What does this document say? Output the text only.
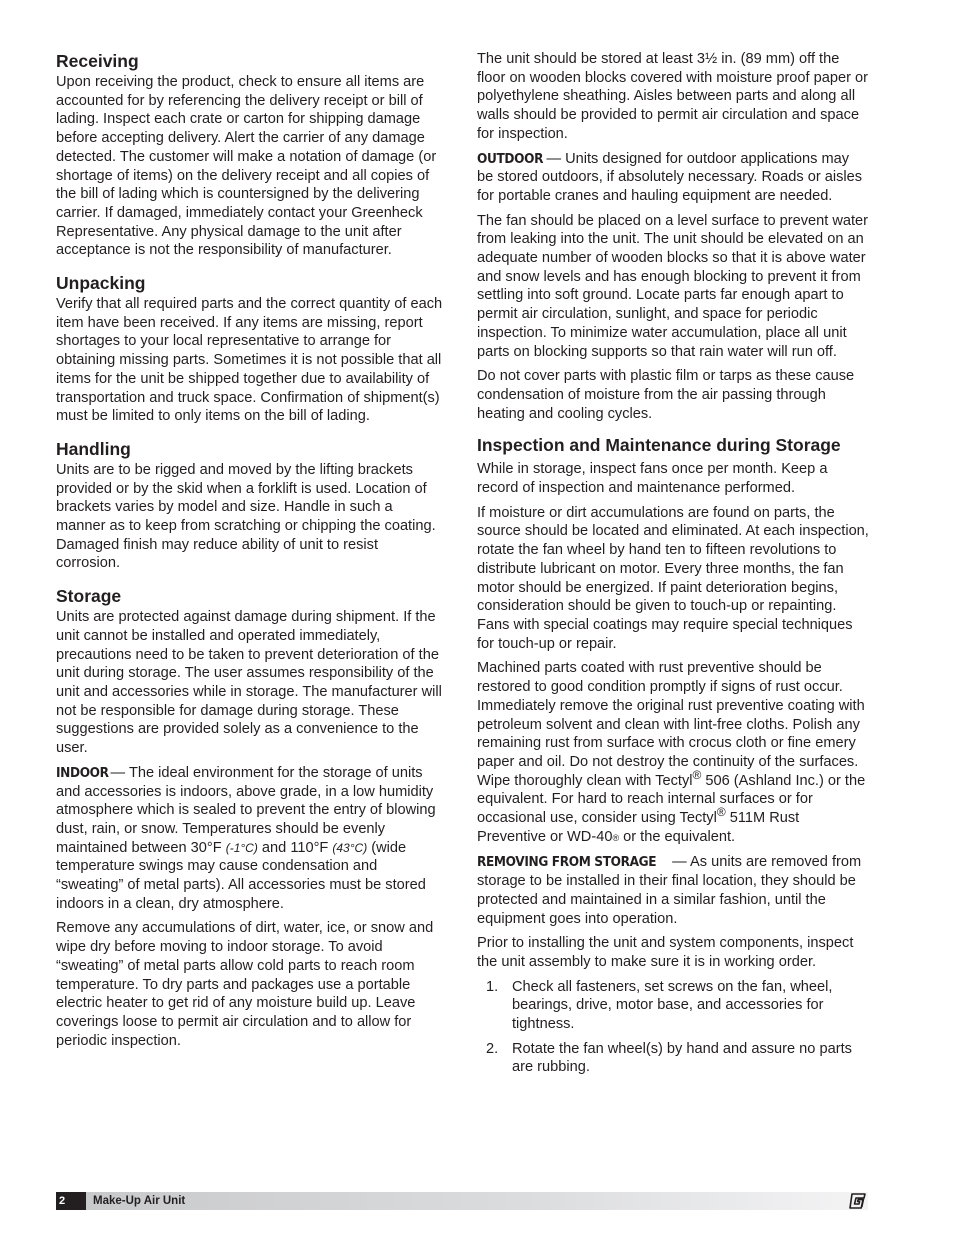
Receiving

Upon receiving the product, check to ensure all items are accounted for by referencing the delivery receipt or bill of lading. Inspect each crate or carton for shipping damage before accepting delivery. Alert the carrier of any damage detected. The customer will make a notation of damage (or shortage of items) on the delivery receipt and all copies of the bill of lading which is countersigned by the delivering carrier. If damaged, immediately contact your Greenheck Representative. Any physical damage to the unit after acceptance is not the responsibility of manufacturer.

Unpacking

Verify that all required parts and the correct quantity of each item have been received. If any items are missing, report shortages to your local representative to arrange for obtaining missing parts. Sometimes it is not possible that all items for the unit be shipped together due to availability of transportation and truck space. Confirmation of shipment(s) must be limited to only items on the bill of lading.

Handling

Units are to be rigged and moved by the lifting brackets provided or by the skid when a forklift is used. Location of brackets varies by model and size. Handle in such a manner as to keep from scratching or chipping the coating. Damaged finish may reduce ability of unit to resist corrosion.

Storage

Units are protected against damage during shipment. If the unit cannot be installed and operated immediately, precautions need to be taken to prevent deterioration of the unit during storage. The user assumes responsibility of the unit and accessories while in storage. The manufacturer will not be responsible for damage during storage. These suggestions are provided solely as a convenience to the user.

INDOOR — The ideal environment for the storage of units and accessories is indoors, above grade, in a low humidity atmosphere which is sealed to prevent the entry of blowing dust, rain, or snow. Temperatures should be evenly maintained between 30°F (-1°C) and 110°F (43°C) (wide temperature swings may cause condensation and “sweating” of metal parts). All accessories must be stored indoors in a clean, dry atmosphere.

Remove any accumulations of dirt, water, ice, or snow and wipe dry before moving to indoor storage. To avoid “sweating” of metal parts allow cold parts to reach room temperature. To dry parts and packages use a portable electric heater to get rid of any moisture build up. Leave coverings loose to permit air circulation and to allow for periodic inspection.

The unit should be stored at least 3½ in. (89 mm) off the floor on wooden blocks covered with moisture proof paper or polyethylene sheathing. Aisles between parts and along all walls should be provided to permit air circulation and space for inspection.

OUTDOOR — Units designed for outdoor applications may be stored outdoors, if absolutely necessary. Roads or aisles for portable cranes and hauling equipment are needed.

The fan should be placed on a level surface to prevent water from leaking into the unit. The unit should be elevated on an adequate number of wooden blocks so that it is above water and snow levels and has enough blocking to prevent it from settling into soft ground. Locate parts far enough apart to permit air circulation, sunlight, and space for periodic inspection. To minimize water accumulation, place all unit parts on blocking supports so that rain water will run off.

Do not cover parts with plastic film or tarps as these cause condensation of moisture from the air passing through heating and cooling cycles.

Inspection and Maintenance during Storage

While in storage, inspect fans once per month. Keep a record of inspection and maintenance performed.

If moisture or dirt accumulations are found on parts, the source should be located and eliminated. At each inspection, rotate the fan wheel by hand ten to fifteen revolutions to distribute lubricant on motor. Every three months, the fan motor should be energized. If paint deterioration begins, consideration should be given to touch-up or repainting. Fans with special coatings may require special techniques for touch-up or repair.

Machined parts coated with rust preventive should be restored to good condition promptly if signs of rust occur. Immediately remove the original rust preventive coating with petroleum solvent and clean with lint-free cloths. Polish any remaining rust from surface with crocus cloth or fine emery paper and oil. Do not destroy the continuity of the surfaces. Wipe thoroughly clean with Tectyl® 506 (Ashland Inc.) or the equivalent. For hard to reach internal surfaces or for occasional use, consider using Tectyl® 511M Rust Preventive or WD-40® or the equivalent.

REMOVING FROM STORAGE — As units are removed from storage to be installed in their final location, they should be protected and maintained in a similar fashion, until the equipment goes into operation.

Prior to installing the unit and system components, inspect the unit assembly to make sure it is in working order.

1. Check all fasteners, set screws on the fan, wheel, bearings, drive, motor base, and accessories for tightness.
2. Rotate the fan wheel(s) by hand and assure no parts are rubbing.
2	Make-Up Air Unit
